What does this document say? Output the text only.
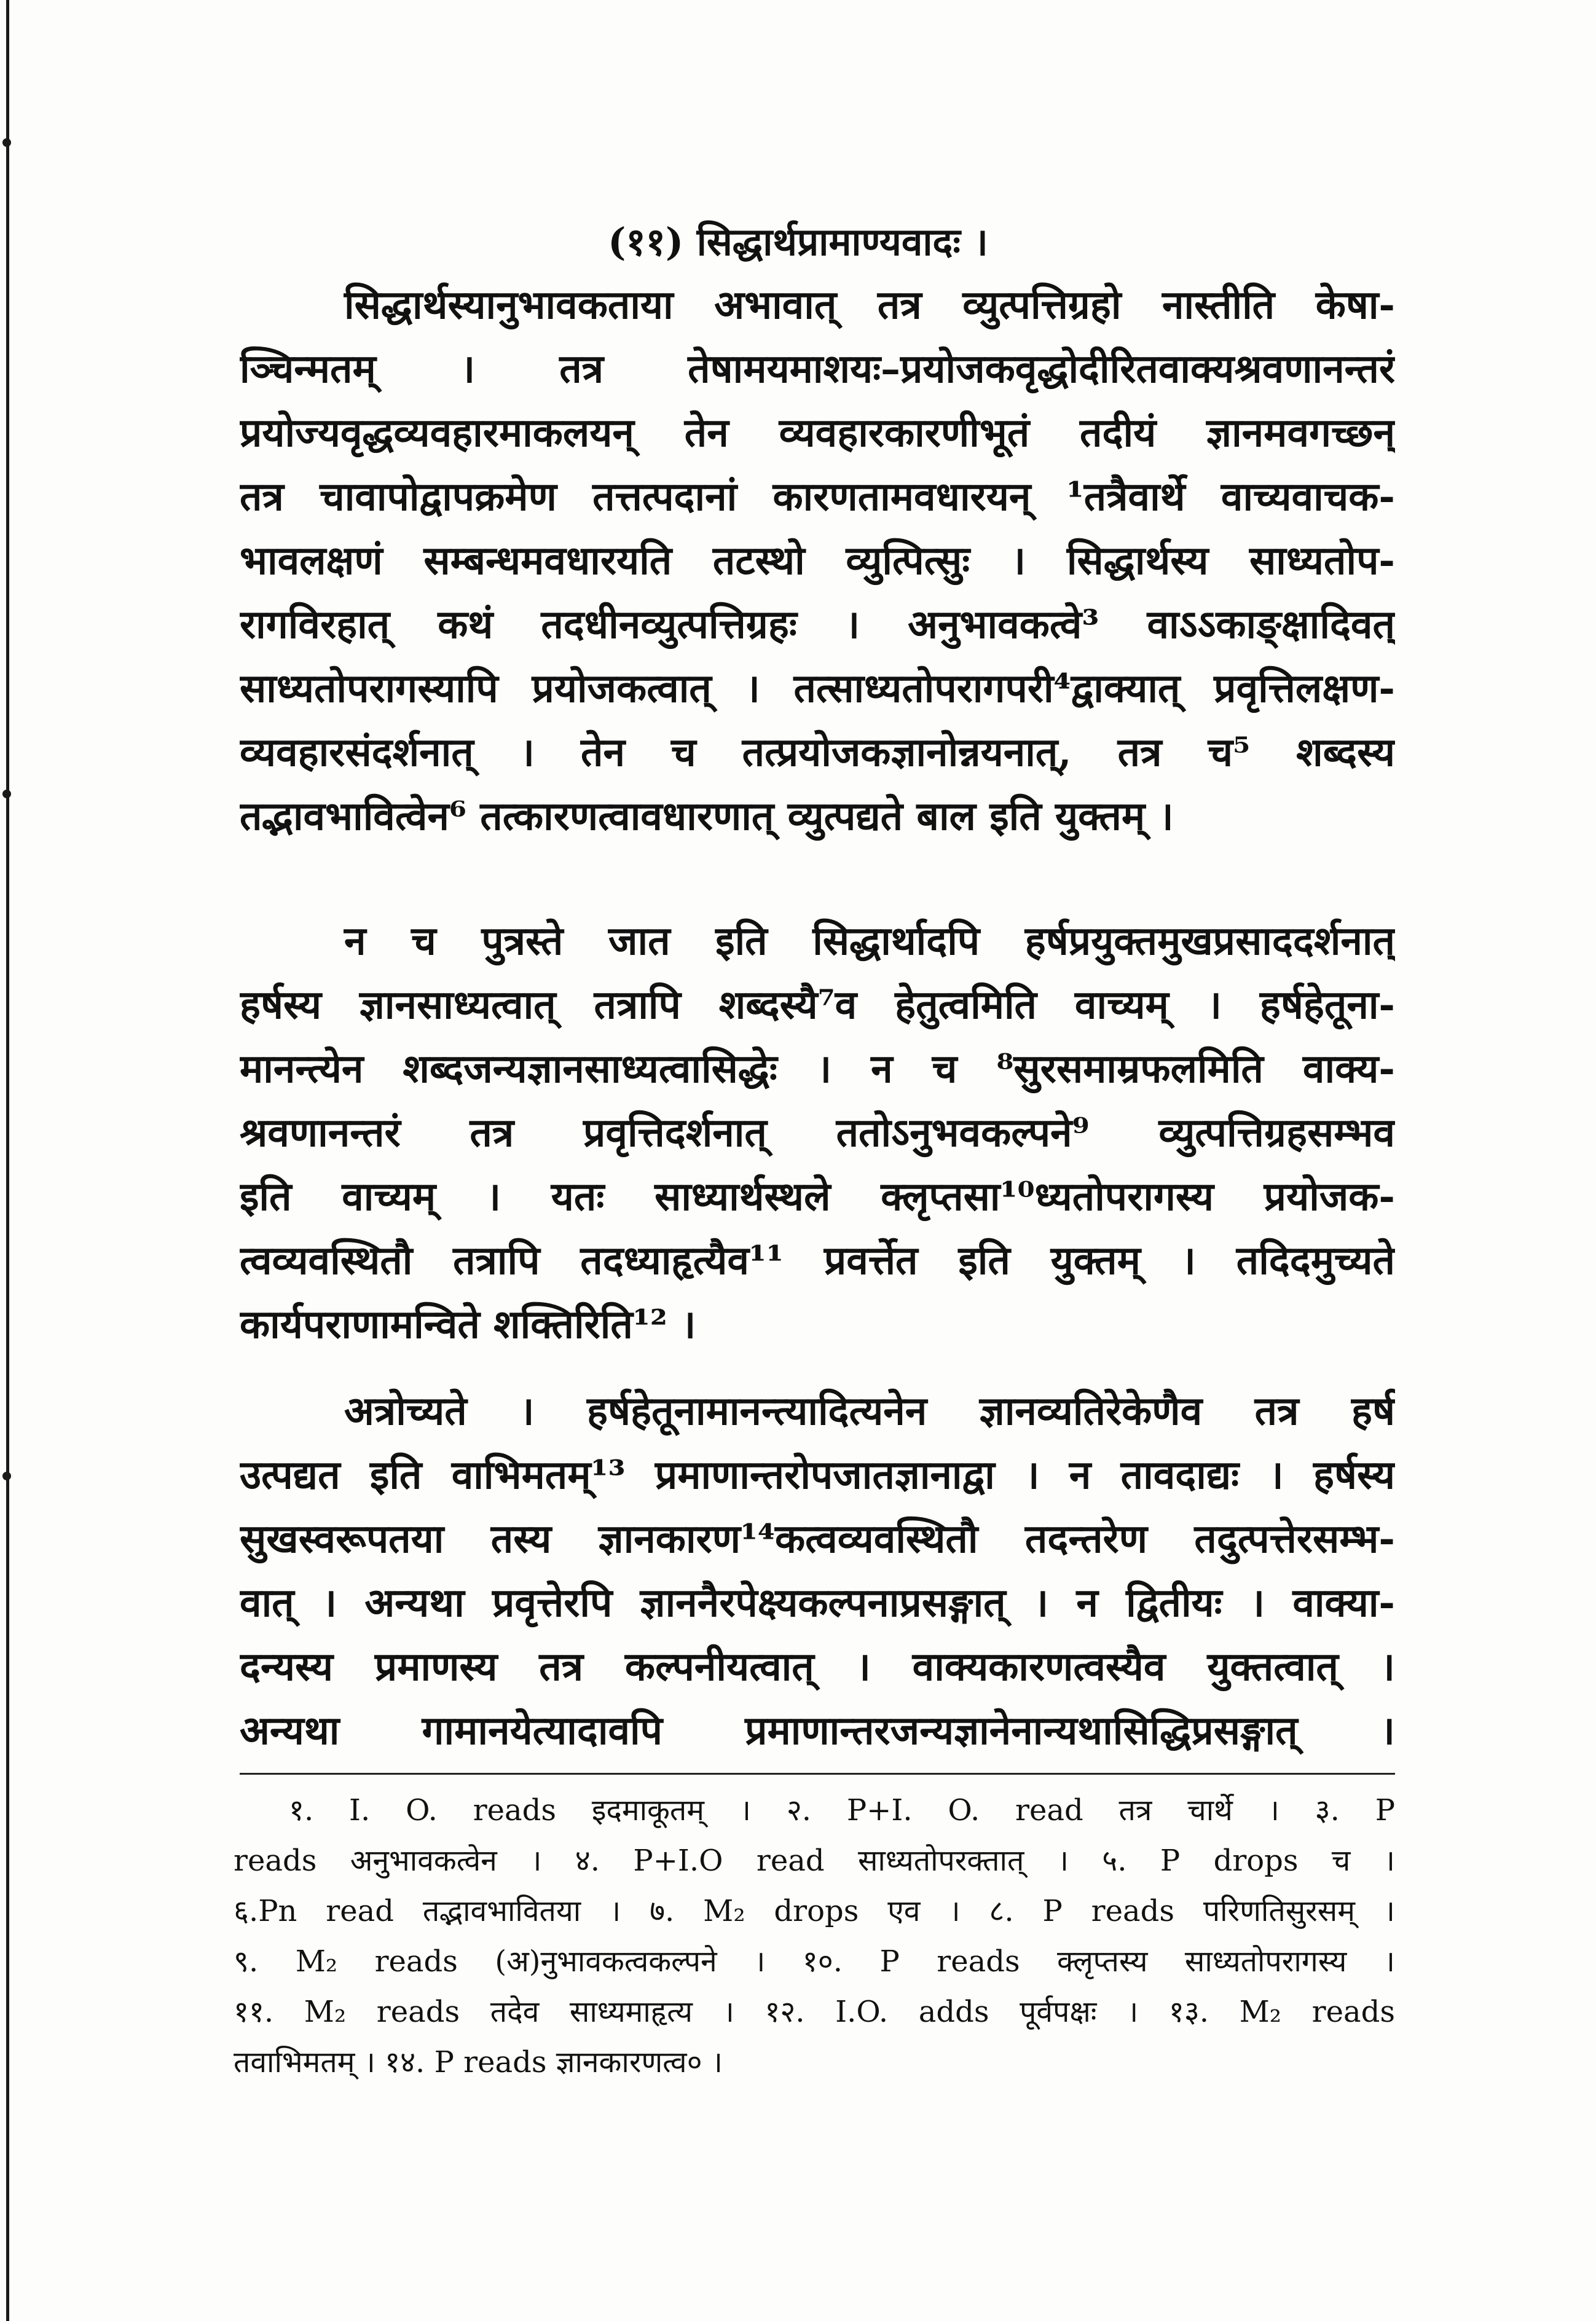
(११) सिद्धार्थप्रामाण्यवादः ।
सिद्धार्थस्यानुभावकताया अभावात् तत्र व्युत्पत्तिग्रहो नास्तीति केषा-
ञ्चिन्मतम् । तत्र तेषामयमाशयः–प्रयोजकवृद्धोदीरितवाक्यश्रवणानन्तरं
प्रयोज्यवृद्धव्यवहारमाकलयन् तेन व्यवहारकारणीभूतं तदीयं ज्ञानमवगच्छन्
तत्र चावापोद्वापक्रमेण तत्तत्पदानां कारणतामवधारयन् ¹तत्रैवार्थे वाच्यवाचक-
भावलक्षणं सम्बन्धमवधारयति तटस्थो व्युत्पित्सुः । सिद्धार्थस्य साध्यतोप-
रागविरहात् कथं तदधीनव्युत्पत्तिग्रहः । अनुभावकत्वे³ वाऽऽकाङ्क्षादिवत्
साध्यतोपरागस्यापि प्रयोजकत्वात् । तत्साध्यतोपरागपरी⁴द्वाक्यात् प्रवृत्तिलक्षण-
व्यवहारसंदर्शनात् । तेन च तत्प्रयोजकज्ञानोन्नयनात्, तत्र च⁵ शब्दस्य
तद्भावभावित्वेन⁶ तत्कारणत्वावधारणात् व्युत्पद्यते बाल इति युक्तम् ।
न च पुत्रस्ते जात इति सिद्धार्थादपि हर्षप्रयुक्तमुखप्रसाददर्शनात्
हर्षस्य ज्ञानसाध्यत्वात् तत्रापि शब्दस्यै⁷व हेतुत्वमिति वाच्यम् । हर्षहेतूना-
मानन्त्येन शब्दजन्यज्ञानसाध्यत्वासिद्धेः । न च ⁸सुरसमाम्रफलमिति वाक्य-
श्रवणानन्तरं तत्र प्रवृत्तिदर्शनात् ततोऽनुभवकल्पने⁹ व्युत्पत्तिग्रहसम्भव
इति वाच्यम् । यतः साध्यार्थस्थले क्लृप्तसा¹⁰ध्यतोपरागस्य प्रयोजक-
त्वव्यवस्थितौ तत्रापि तदध्याहृत्यैव¹¹ प्रवर्त्तेत इति युक्तम् । तदिदमुच्यते
कार्यपराणामन्विते शक्तिरिति¹² ।
अत्रोच्यते । हर्षहेतूनामानन्त्यादित्यनेन ज्ञानव्यतिरेकेणैव तत्र हर्ष
उत्पद्यत इति वाभिमतम्¹³ प्रमाणान्तरोपजातज्ञानाद्वा । न तावदाद्यः । हर्षस्य
सुखस्वरूपतया तस्य ज्ञानकारण¹⁴कत्वव्यवस्थितौ तदन्तरेण तदुत्पत्तेरसम्भ-
वात् । अन्यथा प्रवृत्तेरपि ज्ञाननैरपेक्ष्यकल्पनाप्रसङ्गात् । न द्वितीयः । वाक्या-
दन्यस्य प्रमाणस्य तत्र कल्पनीयत्वात् । वाक्यकारणत्वस्यैव युक्तत्वात् ।
अन्यथा गामानयेत्यादावपि प्रमाणान्तरजन्यज्ञानेनान्यथासिद्धिप्रसङ्गात् ।
१. I. O. reads इदमाकूतम् । २. P+I. O. read तत्र चार्थे । ३. P
reads अनुभावकत्वेन । ४. P+I.O read साध्यतोपरक्तात् । ५. P drops च ।
६.Pn read तद्भावभावितया । ७. M₂ drops एव । ८. P reads परिणतिसुरसम् ।
९. M₂ reads (अ)नुभावकत्वकल्पने । १०. P reads क्लृप्तस्य साध्यतोपरागस्य ।
११. M₂ reads तदेव साध्यमाहृत्य । १२. I.O. adds पूर्वपक्षः । १३. M₂ reads
तवाभिमतम् । १४. P reads ज्ञानकारणत्व० ।
